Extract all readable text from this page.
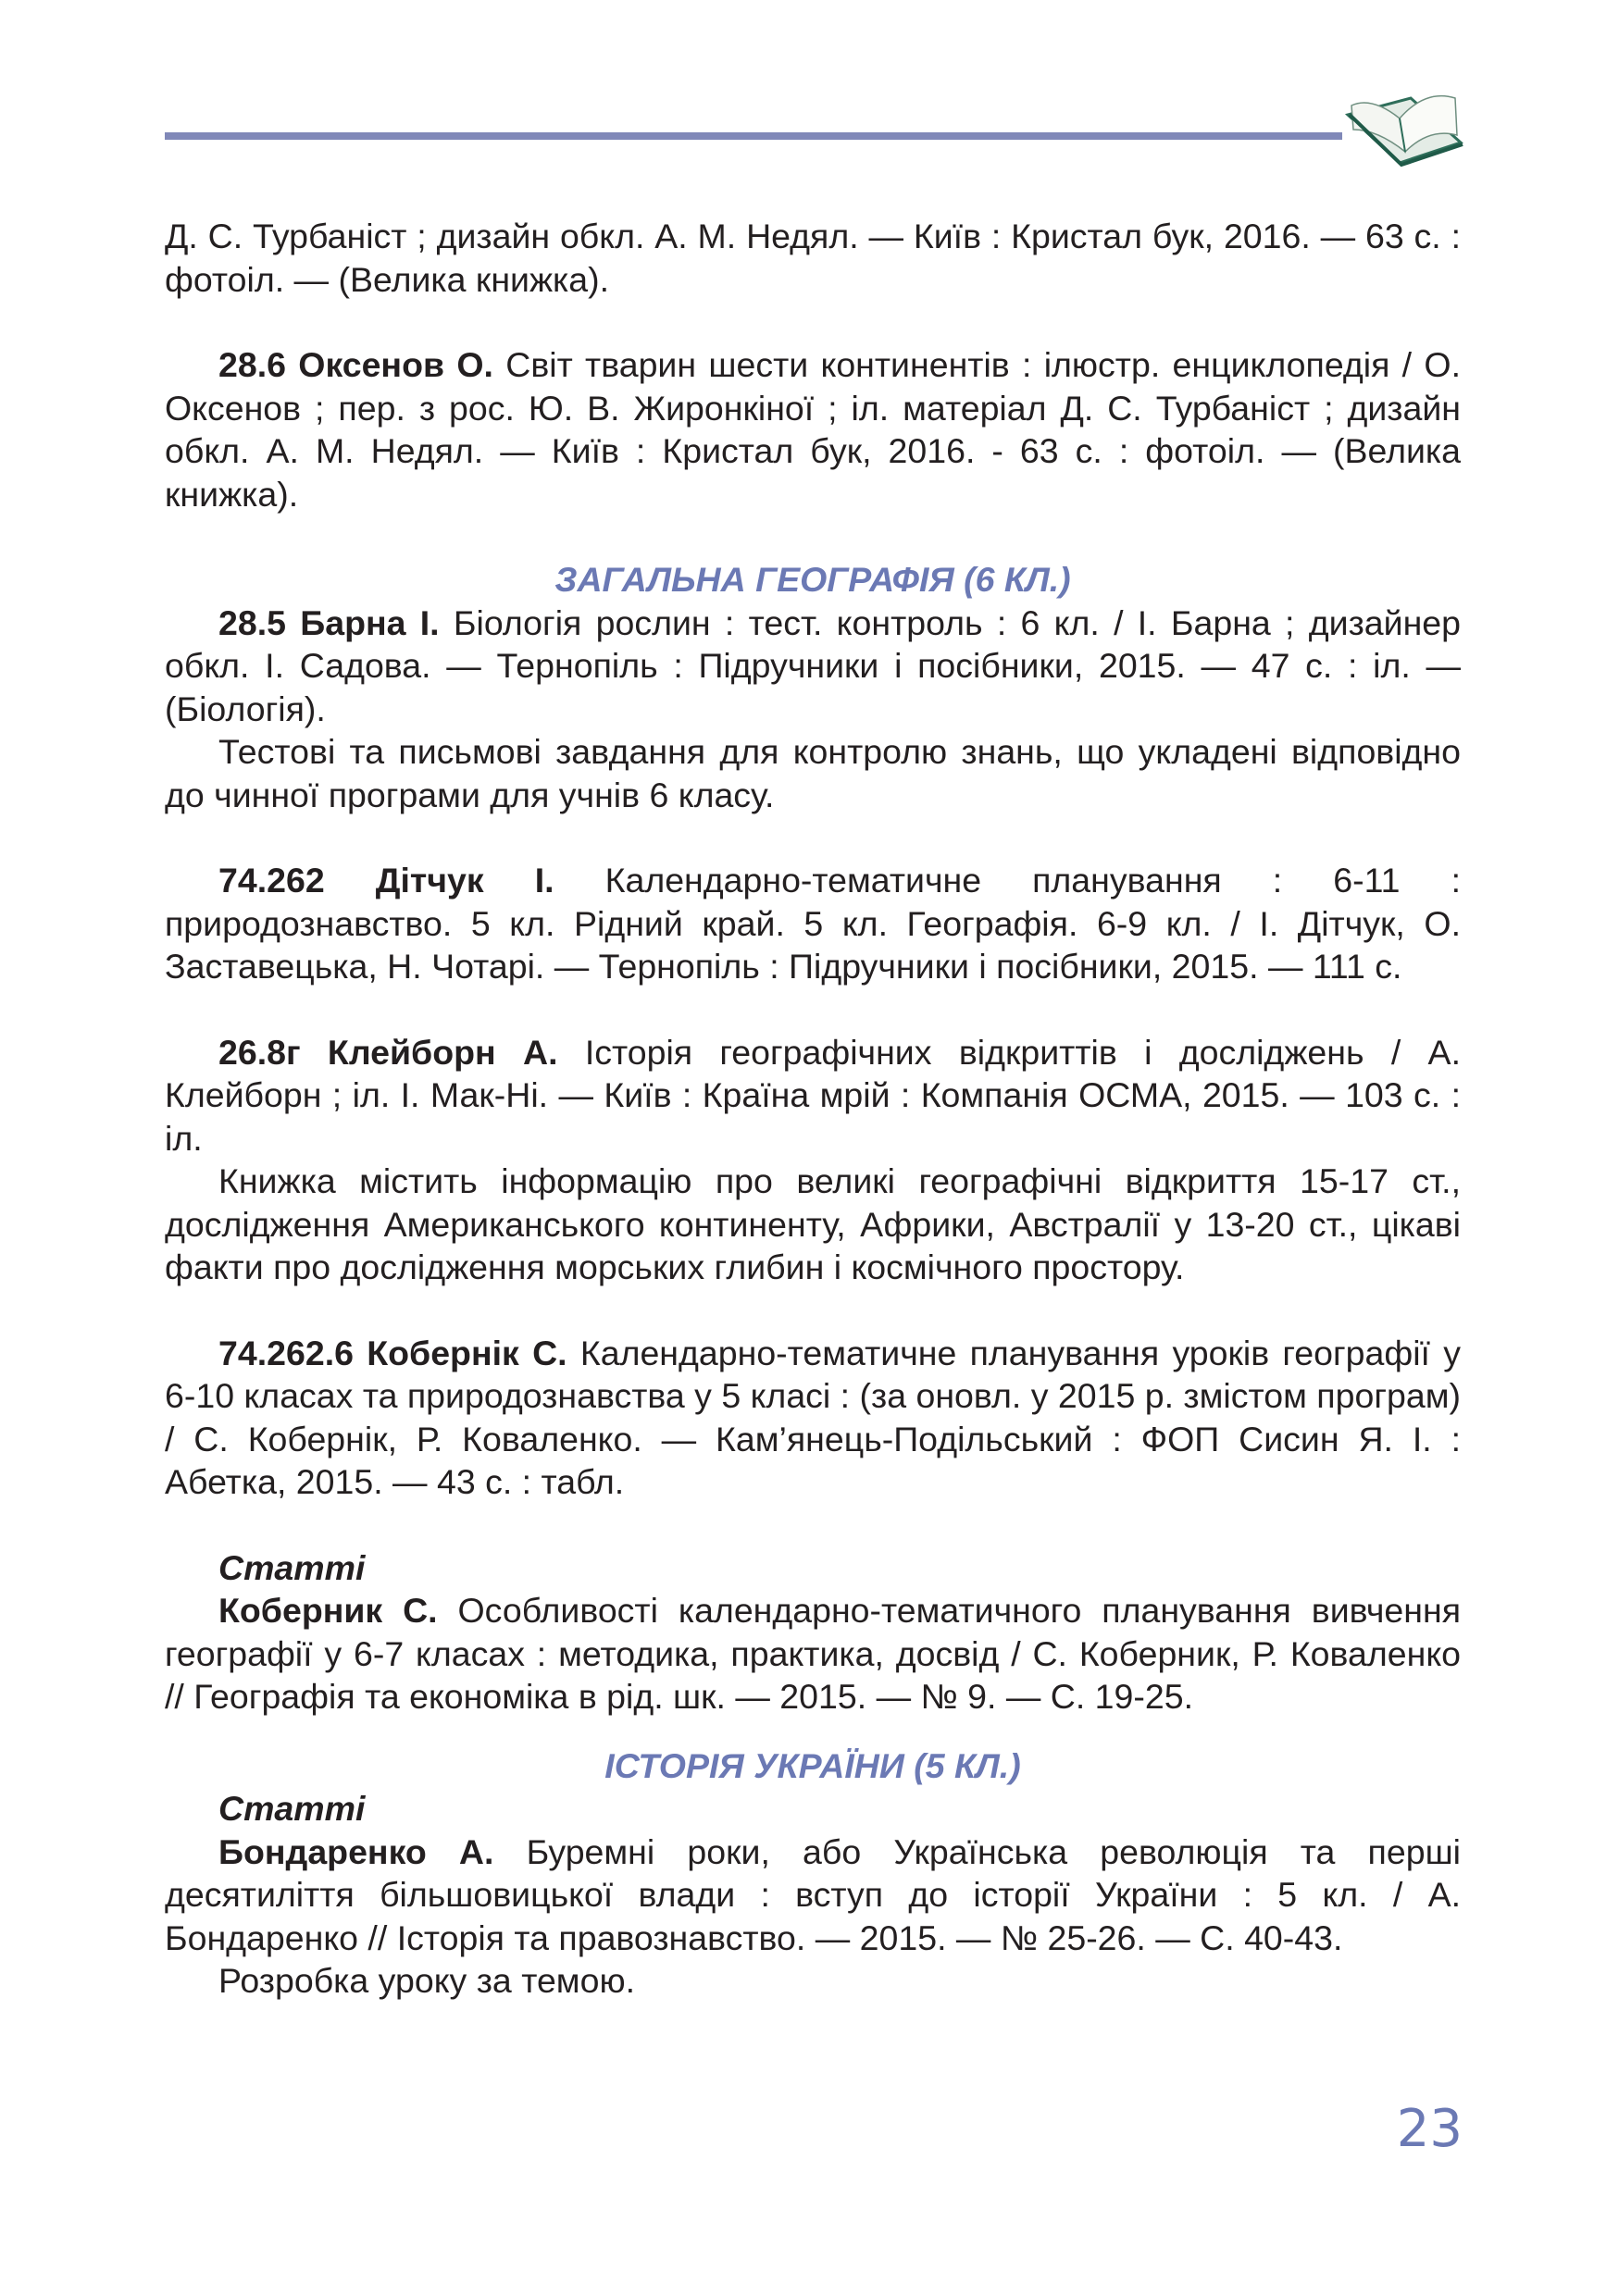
Д. С. Турбаніст ; дизайн обкл. А. М. Недял. — Київ : Кристал бук, 2016. — 63 с. : фотоіл. — (Велика книжка).

28.6 Оксенов О. Світ тварин шести континентів : ілюстр. енциклопедія / О. Оксенов ; пер. з рос. Ю. В. Жиронкіної ; іл. матеріал Д. С. Турбаніст ; дизайн обкл. А. М. Недял. — Київ : Кристал бук, 2016. - 63 с. : фотоіл. — (Велика книжка).

ЗАГАЛЬНА ГЕОГРАФІЯ (6 КЛ.)

28.5 Барна І. Біологія рослин : тест. контроль : 6 кл. / І. Барна ; дизайнер обкл. І. Садова. — Тернопіль : Підручники і посібники, 2015. — 47 с. : іл. — (Біологія).

Тестові та письмові завдання для контролю знань, що укладені відповідно до чинної програми для учнів 6 класу.

74.262 Дітчук І. Календарно-тематичне планування : 6-11 : природознавство. 5 кл. Рідний край. 5 кл. Географія. 6-9 кл. / І. Дітчук, О. Заставецька, Н. Чотарі. — Тернопіль : Підручники і посібники, 2015. — 111 с.

26.8г Клейборн А. Історія географічних відкриттів і досліджень / А. Клейборн ; іл. І. Мак-Ні. — Київ : Країна мрій : Компанія ОСМА, 2015. — 103 с. : іл.

Книжка містить інформацію про великі географічні відкриття 15-17 ст., дослідження Американського континенту, Африки, Австралії у 13-20 ст., цікаві факти про дослідження морських глибин і космічного простору.

74.262.6 Кобернік С. Календарно-тематичне планування уроків географії у 6-10 класах та природознавства у 5 класі : (за оновл. у 2015 р. змістом програм) / С. Кобернік, Р. Коваленко. — Кам’янець-Подільський : ФОП Сисин Я. І. : Абетка, 2015. — 43 с. : табл.

Статті

Коберник С. Особливості календарно-тематичного планування вивчення географії у 6-7 класах : методика, практика, досвід / С. Коберник, Р. Коваленко // Географія та економіка в рід. шк. — 2015. — № 9. — С. 19-25.

ІСТОРІЯ УКРАЇНИ (5 КЛ.)

Статті

Бондаренко А. Буремні роки, або Українська революція та перші десятиліття більшовицької влади : вступ до історії України : 5 кл. / А. Бондаренко // Історія та правознавство. — 2015. — № 25-26. — С. 40-43.

Розробка уроку за темою.

23
